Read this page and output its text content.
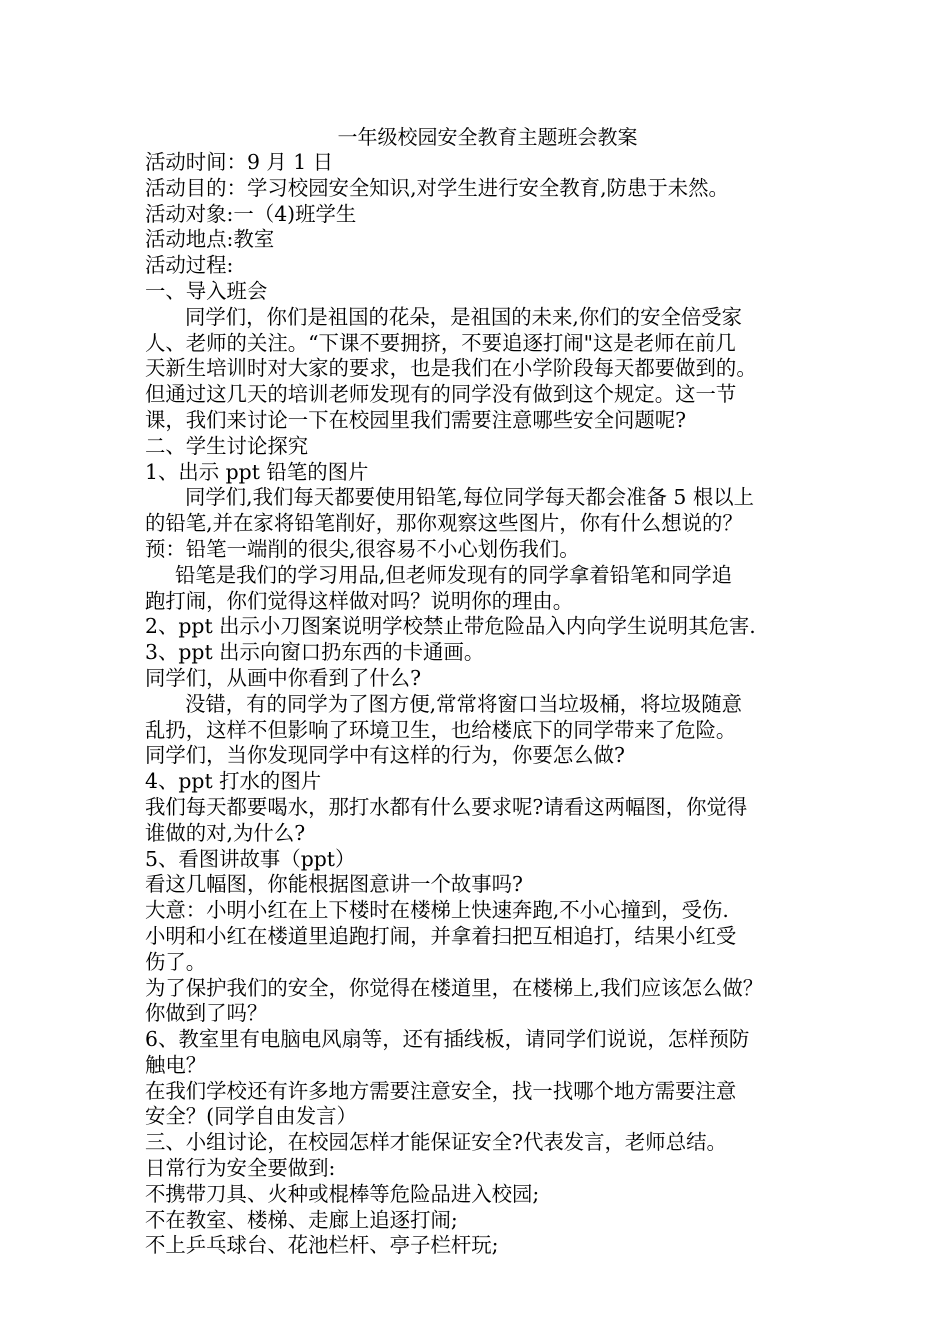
一年级校园安全教育主题班会教案

活动时间：9 月 1 日

活动目的：学习校园安全知识,对学生进行安全教育,防患于未然。

活动对象:一（4)班学生

活动地点:教室

活动过程:

一、导入班会

同学们，你们是祖国的花朵，是祖国的未来,你们的安全倍受家

人、老师的关注。“下课不要拥挤，不要追逐打闹"这是老师在前几

天新生培训时对大家的要求，也是我们在小学阶段每天都要做到的。

但通过这几天的培训老师发现有的同学没有做到这个规定。这一节

课，我们来讨论一下在校园里我们需要注意哪些安全问题呢?

二、学生讨论探究

1、出示 ppt 铅笔的图片

同学们,我们每天都要使用铅笔,每位同学每天都会准备 5 根以上

的铅笔,并在家将铅笔削好，那你观察这些图片，你有什么想说的？

预：铅笔一端削的很尖,很容易不小心划伤我们。

铅笔是我们的学习用品,但老师发现有的同学拿着铅笔和同学追

跑打闹，你们觉得这样做对吗？说明你的理由。

2、ppt 出示小刀图案说明学校禁止带危险品入内向学生说明其危害.

3、ppt 出示向窗口扔东西的卡通画。

同学们，从画中你看到了什么?

没错，有的同学为了图方便,常常将窗口当垃圾桶，将垃圾随意

乱扔，这样不但影响了环境卫生，也给楼底下的同学带来了危险。

同学们，当你发现同学中有这样的行为，你要怎么做?

4、ppt 打水的图片

我们每天都要喝水，那打水都有什么要求呢?请看这两幅图，你觉得

谁做的对,为什么?

5、看图讲故事（ppt）

看这几幅图，你能根据图意讲一个故事吗?

大意：小明小红在上下楼时在楼梯上快速奔跑,不小心撞到，受伤.

小明和小红在楼道里追跑打闹，并拿着扫把互相追打，结果小红受

伤了。

为了保护我们的安全，你觉得在楼道里，在楼梯上,我们应该怎么做？

你做到了吗？

6、教室里有电脑电风扇等，还有插线板，请同学们说说，怎样预防

触电？

在我们学校还有许多地方需要注意安全，找一找哪个地方需要注意

安全？(同学自由发言）

三、小组讨论，在校园怎样才能保证安全?代表发言，老师总结。

日常行为安全要做到:

不携带刀具、火种或棍棒等危险品进入校园;

不在教室、楼梯、走廊上追逐打闹;

不上乒乓球台、花池栏杆、亭子栏杆玩;
